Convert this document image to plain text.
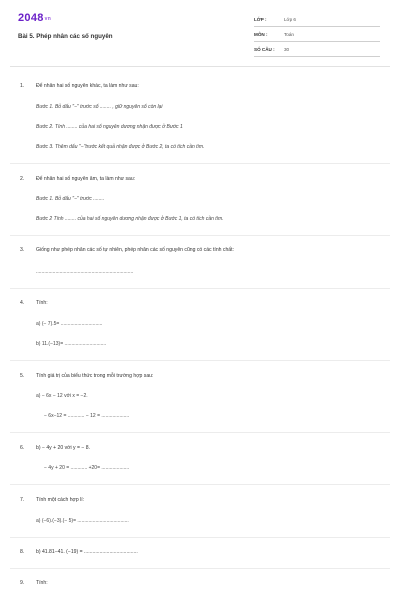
2048vn
Bài 5. Phép nhân các số nguyên
LỚP :	Lớp 6
MÔN :	Toán
SỐ CÂU : 30
1.	Để nhân hai số nguyên khác, ta làm như sau:
Bước 1. Bỏ dấu "−" trước số ........ , giữ nguyên số còn lại
Bước 2. Tính ........ của hai số nguyên dương nhận được ở Bước 1
Bước 3. Thêm dấu "−"trước kết quả nhận được ở Bước 2, ta có tích cần tìm.
2.	Để nhân hai số nguyên âm, ta làm như sau:
Bước 1. Bỏ dấu "−" trước ........
Bước 2 Tính ........ của hai số nguyên dương nhận được ở Bước 1, ta có tích cần tìm.
3.	Giống như phép nhân các số tự nhiên, phép nhân các số nguyên cũng có các tính chất:
......................................................................
4.	Tính:
a) (− 7).5= ..............................
b) 11.(−13)= ..............................
5.	Tính giá trị của biểu thức trong mỗi trường hợp sau:
a) − 6x − 12 với x = −2.
− 6x−12 = ............ − 12 = ....................
6.	b) − 4y + 20 với y = − 8.
− 4y + 20 = ............ +20= ....................
7.	Tính một cách hợp lí:
a) (−6).(−3).(− 5)= .....................................
8.	b) 41.81−41. (−19) = ......................................
9.	Tính:
